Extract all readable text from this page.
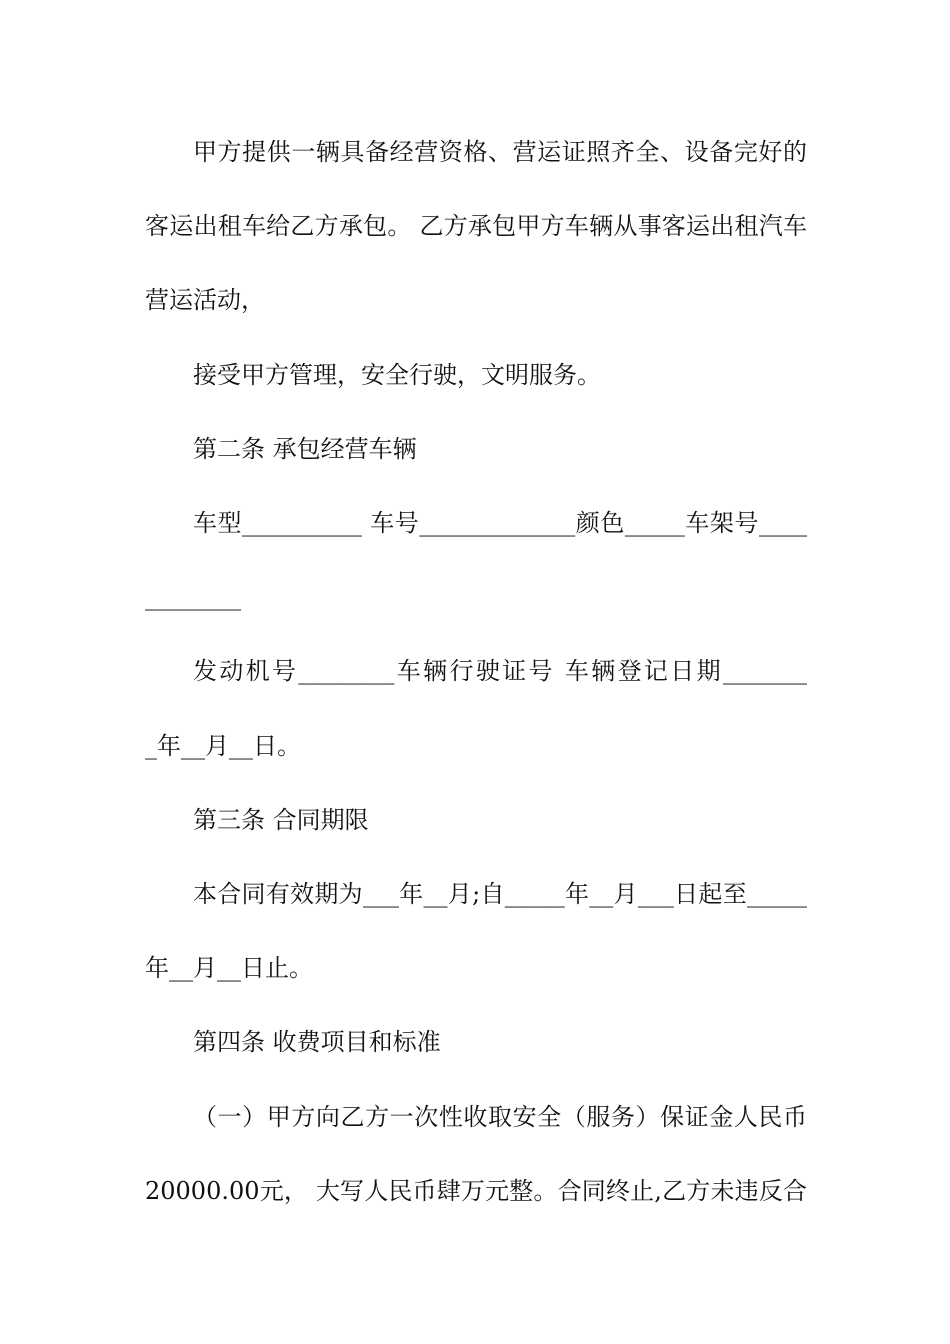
甲方提供一辆具备经营资格、营运证照齐全、设备完好的
客运出租车给乙方承包。 乙方承包甲方车辆从事客运出租汽车
营运活动，
接受甲方管理，安全行驶，文明服务。
第二条 承包经营车辆
车型__________ 车号_____________颜色_____车架号____
________
发动机号________车辆行驶证号 车辆登记日期_______
_年__月__日。
第三条 合同期限
本合同有效期为___年__月;自_____年__月___日起至_____
年__月__日止。
第四条 收费项目和标准
（一）甲方向乙方一次性收取安全（服务）保证金人民币
20000.00元， 大写人民币肆万元整。合同终止,乙方未违反合
